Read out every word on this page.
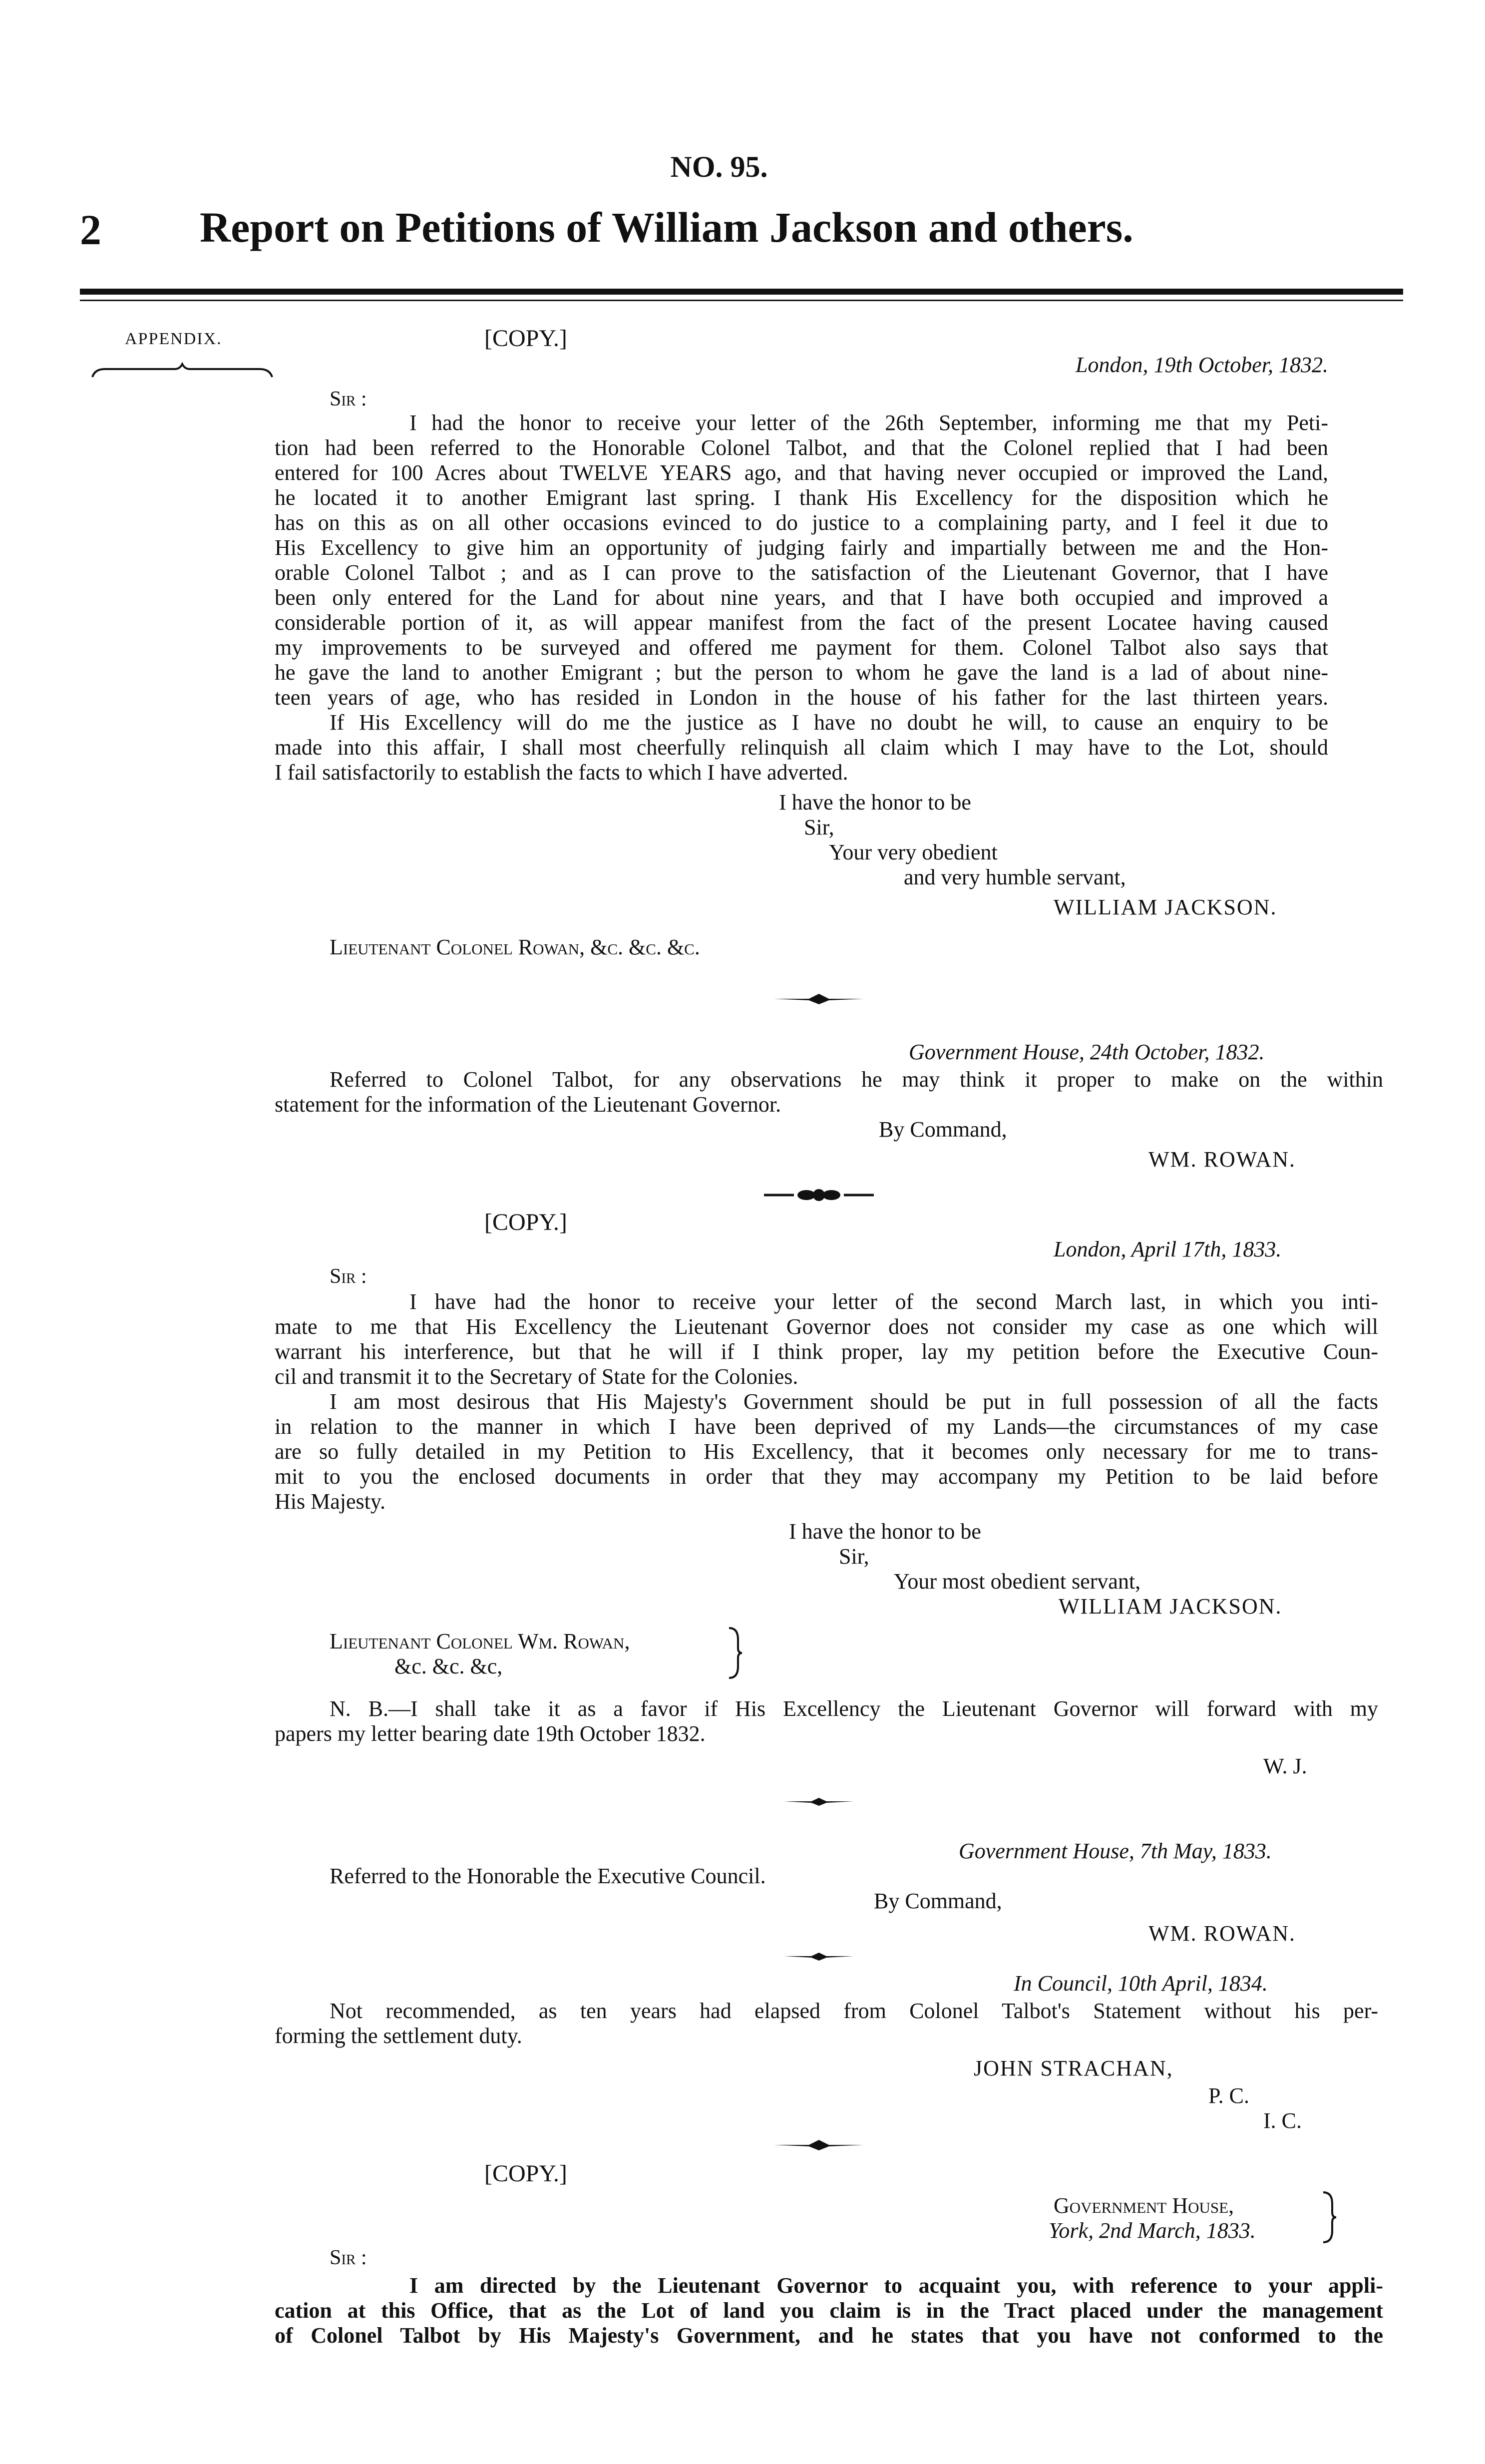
NO. 95.
2 Report on Petitions of William Jackson and others.
APPENDIX.	[COPY.]
London, 19th October, 1832.
Sir :
I had the honor to receive your letter of the 26th September, informing me that my Peti-
tion had been referred to the Honorable Colonel Talbot, and that the Colonel replied that I had been
entered for 100 Acres about TWELVE YEARS ago, and that having never occupied or improved the Land,
he located it to another Emigrant last spring. I thank His Excellency for the disposition which he
has on this as on all other occasions evinced to do justice to a complaining party, and I feel it due to
His Excellency to give him an opportunity of judging fairly and impartially between me and the Hon-
orable Colonel Talbot ; and as I can prove to the satisfaction of the Lieutenant Governor, that I have
been only entered for the Land for about nine years, and that I have both occupied and improved a
considerable portion of it, as will appear manifest from the fact of the present Locatee having caused
my improvements to be surveyed and offered me payment for them. Colonel Talbot also says that
he gave the land to another Emigrant ; but the person to whom he gave the land is a lad of about nine-
teen years of age, who has resided in London in the house of his father for the last thirteen years.
If His Excellency will do me the justice as I have no doubt he will, to cause an enquiry to be
made into this affair, I shall most cheerfully relinquish all claim which I may have to the Lot, should
I fail satisfactorily to establish the facts to which I have adverted.
I have the honor to be
Sir,
Your very obedient
and very humble servant,
WILLIAM JACKSON.
Lieutenant Colonel Rowan, &c. &c. &c.
Government House, 24th October, 1832.
Referred to Colonel Talbot, for any observations he may think it proper to make on the within
statement for the information of the Lieutenant Governor.
By Command,
WM. ROWAN.
[COPY.]
London, April 17th, 1833.
Sir :
I have had the honor to receive your letter of the second March last, in which you inti-
mate to me that His Excellency the Lieutenant Governor does not consider my case as one which will
warrant his interference, but that he will if I think proper, lay my petition before the Executive Coun-
cil and transmit it to the Secretary of State for the Colonies.
I am most desirous that His Majesty's Government should be put in full possession of all the facts
in relation to the manner in which I have been deprived of my Lands—the circumstances of my case
are so fully detailed in my Petition to His Excellency, that it becomes only necessary for me to trans-
mit to you the enclosed documents in order that they may accompany my Petition to be laid before
His Majesty.
I have the honor to be
Sir,
Your most obedient servant,
WILLIAM JACKSON.
Lieutenant Colonel Wm. Rowan,
&c. &c. &c,
N. B.—I shall take it as a favor if His Excellency the Lieutenant Governor will forward with my
papers my letter bearing date 19th October 1832.
W. J.
Government House, 7th May, 1833.
Referred to the Honorable the Executive Council.
By Command,
WM. ROWAN.
In Council, 10th April, 1834.
Not recommended, as ten years had elapsed from Colonel Talbot's Statement without his per-
forming the settlement duty.
JOHN STRACHAN,
P. C.
I. C.
[COPY.]
Government House,
York, 2nd March, 1833.
Sir :
I am directed by the Lieutenant Governor to acquaint you, with reference to your appli-
cation at this Office, that as the Lot of land you claim is in the Tract placed under the management
of Colonel Talbot by His Majesty's Government, and he states that you have not conformed to the
